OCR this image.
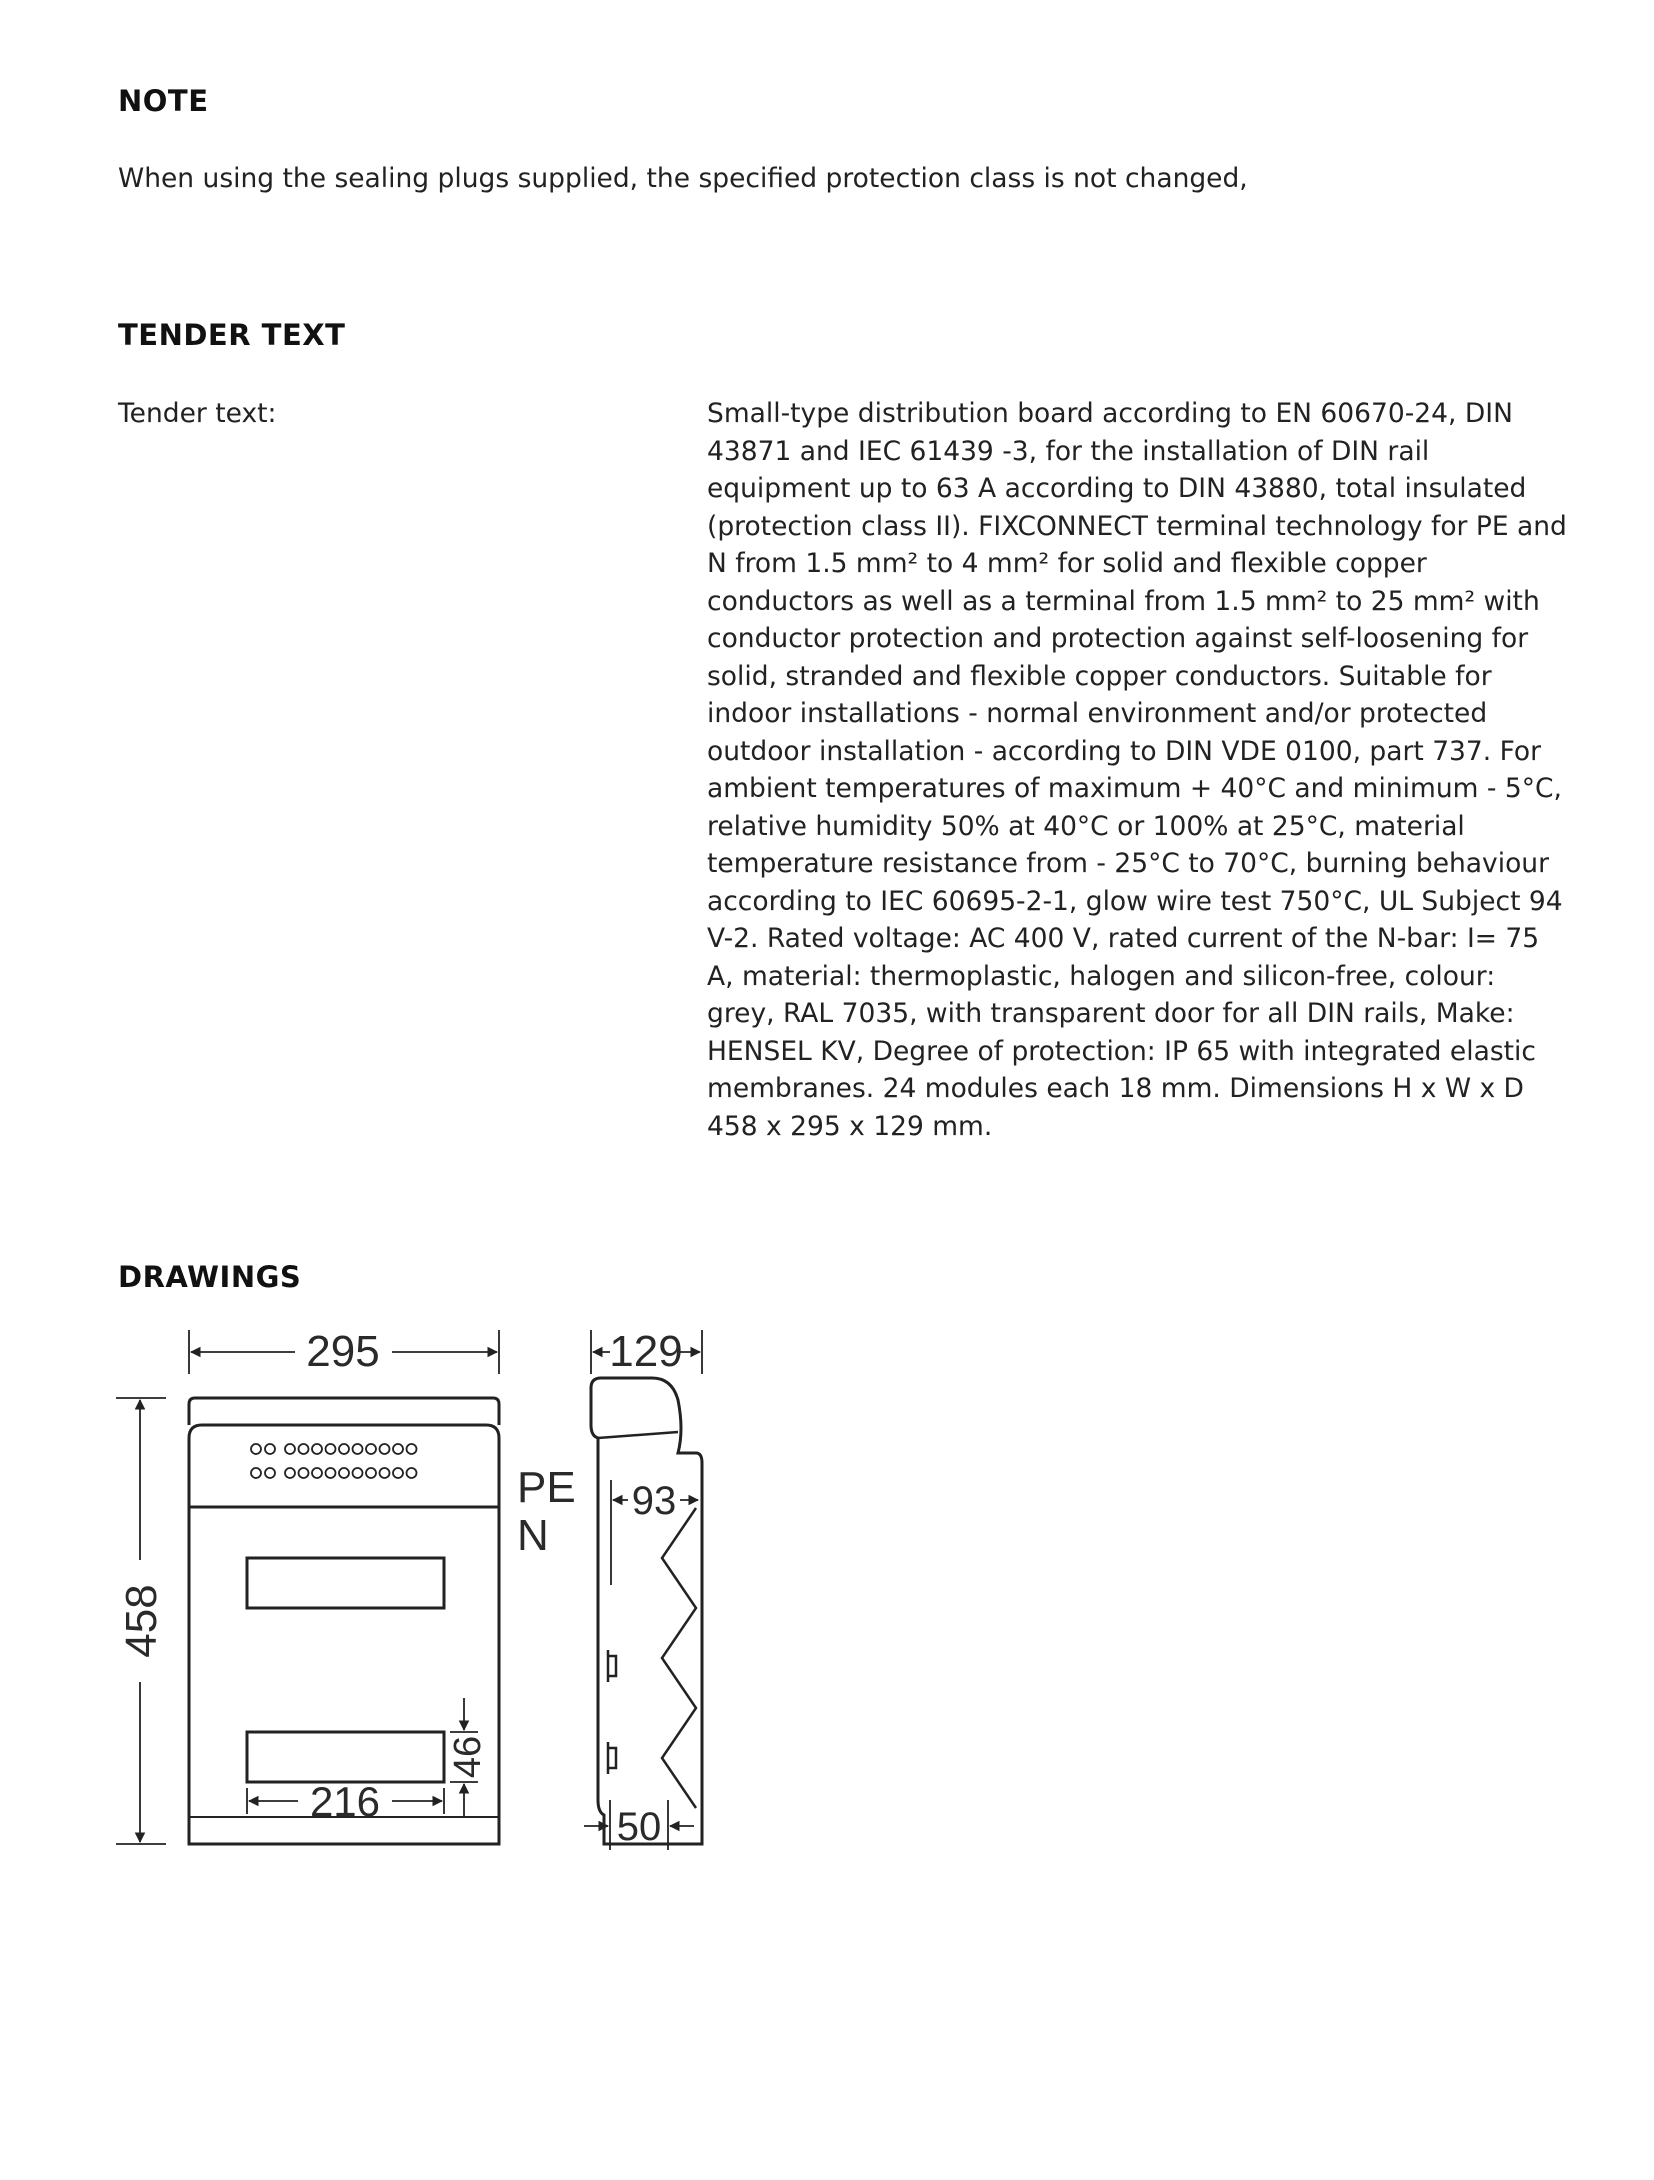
NOTE

When using the sealing plugs supplied, the specified protection class is not changed,

TENDER TEXT

Tender text:	Small-type distribution board according to EN 60670-24, DIN 43871 and IEC 61439 -3, for the installation of DIN rail equipment up to 63 A according to DIN 43880, total insulated (protection class II). FIXCONNECT terminal technology for PE and N from 1.5 mm² to 4 mm² for solid and flexible copper conductors as well as a terminal from 1.5 mm² to 25 mm² with conductor protection and protection against self-loosening for solid, stranded and flexible copper conductors. Suitable for indoor installations - normal environment and/or protected outdoor installation - according to DIN VDE 0100, part 737. For ambient temperatures of maximum + 40°C and minimum - 5°C, relative humidity 50% at 40°C or 100% at 25°C, material temperature resistance from - 25°C to 70°C, burning behaviour according to IEC 60695-2-1, glow wire test 750°C, UL Subject 94 V-2. Rated voltage: AC 400 V, rated current of the N-bar: I= 75 A, material: thermoplastic, halogen and silicon-free, colour: grey, RAL 7035, with transparent door for all DIN rails, Make: HENSEL KV, Degree of protection: IP 65 with integrated elastic membranes. 24 modules each 18 mm. Dimensions H x W x D 458 x 295 x 129 mm.

DRAWINGS
295
458
216
46
PE
N
129
93
50
